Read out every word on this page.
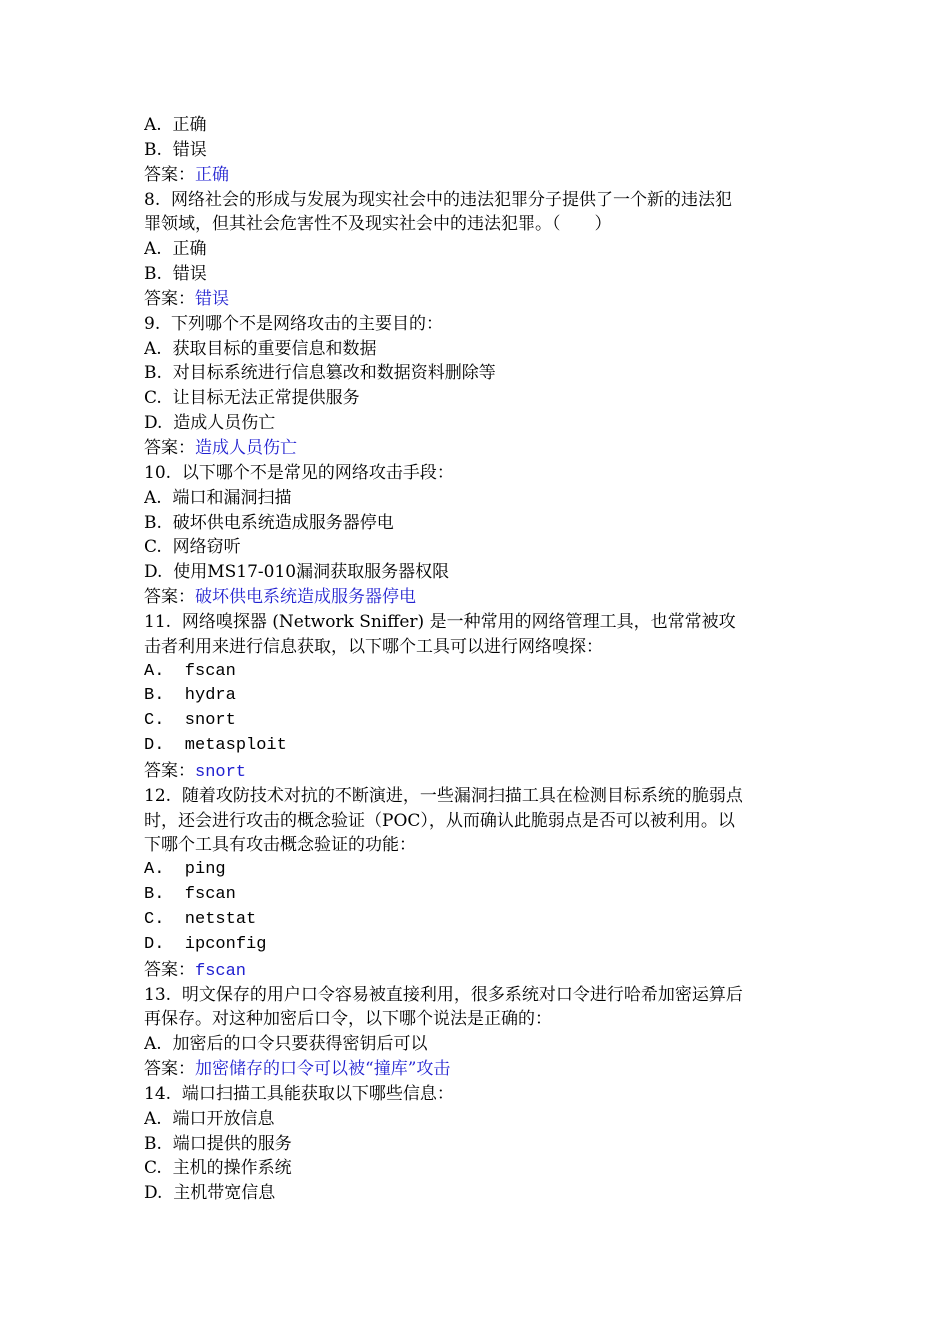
A.  正确
B.  错误
答案：正确
8.  网络社会的形成与发展为现实社会中的违法犯罪分子提供了一个新的违法犯
罪领域，但其社会危害性不及现实社会中的违法犯罪。（　　）
A.  正确
B.  错误
答案：错误
9.  下列哪个不是网络攻击的主要目的：
A.  获取目标的重要信息和数据
B.  对目标系统进行信息篡改和数据资料删除等
C.  让目标无法正常提供服务
D.  造成人员伤亡
答案：造成人员伤亡
10.  以下哪个不是常见的网络攻击手段：
A.  端口和漏洞扫描
B.  破坏供电系统造成服务器停电
C.  网络窃听
D.  使用MS17-010漏洞获取服务器权限
答案：破坏供电系统造成服务器停电
11.  网络嗅探器 (Network Sniffer) 是一种常用的网络管理工具，也常常被攻
击者利用来进行信息获取，以下哪个工具可以进行网络嗅探：
A.  fscan
B.  hydra
C.  snort
D.  metasploit
答案：snort
12.  随着攻防技术对抗的不断演进，一些漏洞扫描工具在检测目标系统的脆弱点
时，还会进行攻击的概念验证（POC），从而确认此脆弱点是否可以被利用。以
下哪个工具有攻击概念验证的功能：
A.  ping
B.  fscan
C.  netstat
D.  ipconfig
答案：fscan
13.  明文保存的用户口令容易被直接利用，很多系统对口令进行哈希加密运算后
再保存。对这种加密后口令，以下哪个说法是正确的：
A.  加密后的口令只要获得密钥后可以
答案：加密储存的口令可以被“撞库”攻击
14.  端口扫描工具能获取以下哪些信息：
A.  端口开放信息
B.  端口提供的服务
C.  主机的操作系统
D.  主机带宽信息
